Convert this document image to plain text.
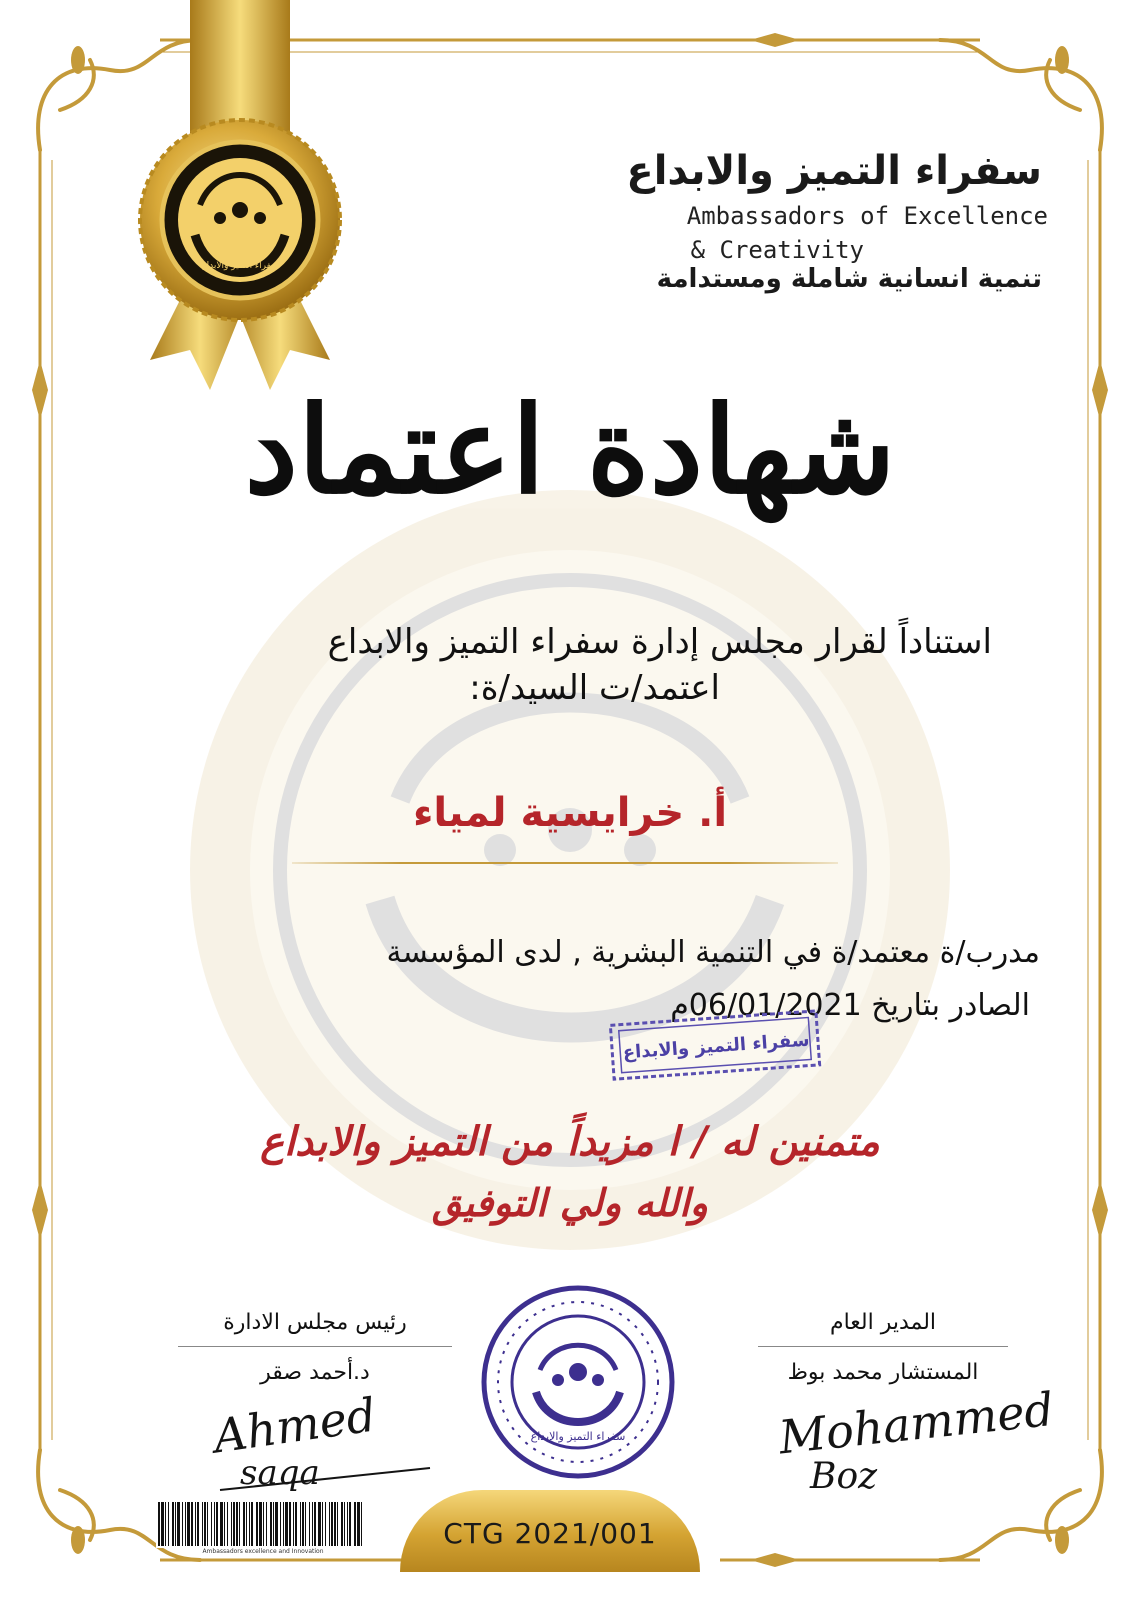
سفراء التميز والابداع
سفراء التميز والابداع
Ambassadors of Excellence
& Creativity
تنمية انسانية شاملة ومستدامة
شهادة اعتماد
استناداً لقرار مجلس إدارة سفراء التميز والابداع
اعتمد/ت السيد/ة:
أ. خرايسية لمياء
مدرب/ة معتمد/ة في التنمية البشرية , لدى المؤسسة
الصادر بتاريخ 06/01/2021م
سفراء التميز والابداع
متمنين له / ا مزيداً من التميز والابداع
والله ولي التوفيق
المدير العام
المستشار محمد بوظ
Mohammed
Boz
رئيس مجلس الادارة
د.أحمد صقر
Ahmed
saqa
سفراء التميز والابداع
Ambassadors excellence and Innovation
CTG 2021/001
